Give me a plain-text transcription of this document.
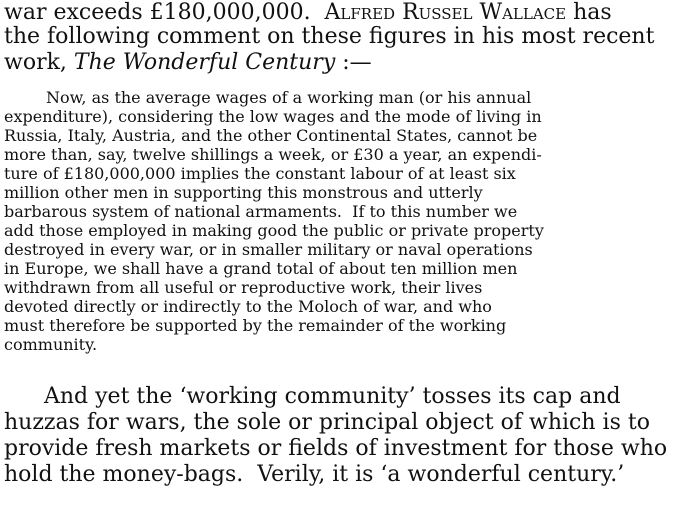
war exceeds £180,000,000.  Alfred Russel Wallace has
the following comment on these figures in his most recent
work, The Wonderful Century :—
Now, as the average wages of a working man (or his annual
expenditure), considering the low wages and the mode of living in
Russia, Italy, Austria, and the other Continental States, cannot be
more than, say, twelve shillings a week, or £30 a year, an expendi-
ture of £180,000,000 implies the constant labour of at least six
million other men in supporting this monstrous and utterly
barbarous system of national armaments.  If to this number we
add those employed in making good the public or private property
destroyed in every war, or in smaller military or naval operations
in Europe, we shall have a grand total of about ten million men
withdrawn from all useful or reproductive work, their lives
devoted directly or indirectly to the Moloch of war, and who
must therefore be supported by the remainder of the working
community.
And yet the ‘working community’ tosses its cap and
huzzas for wars, the sole or principal object of which is to
provide fresh markets or fields of investment for those who
hold the money-bags.  Verily, it is ‘a wonderful century.’
